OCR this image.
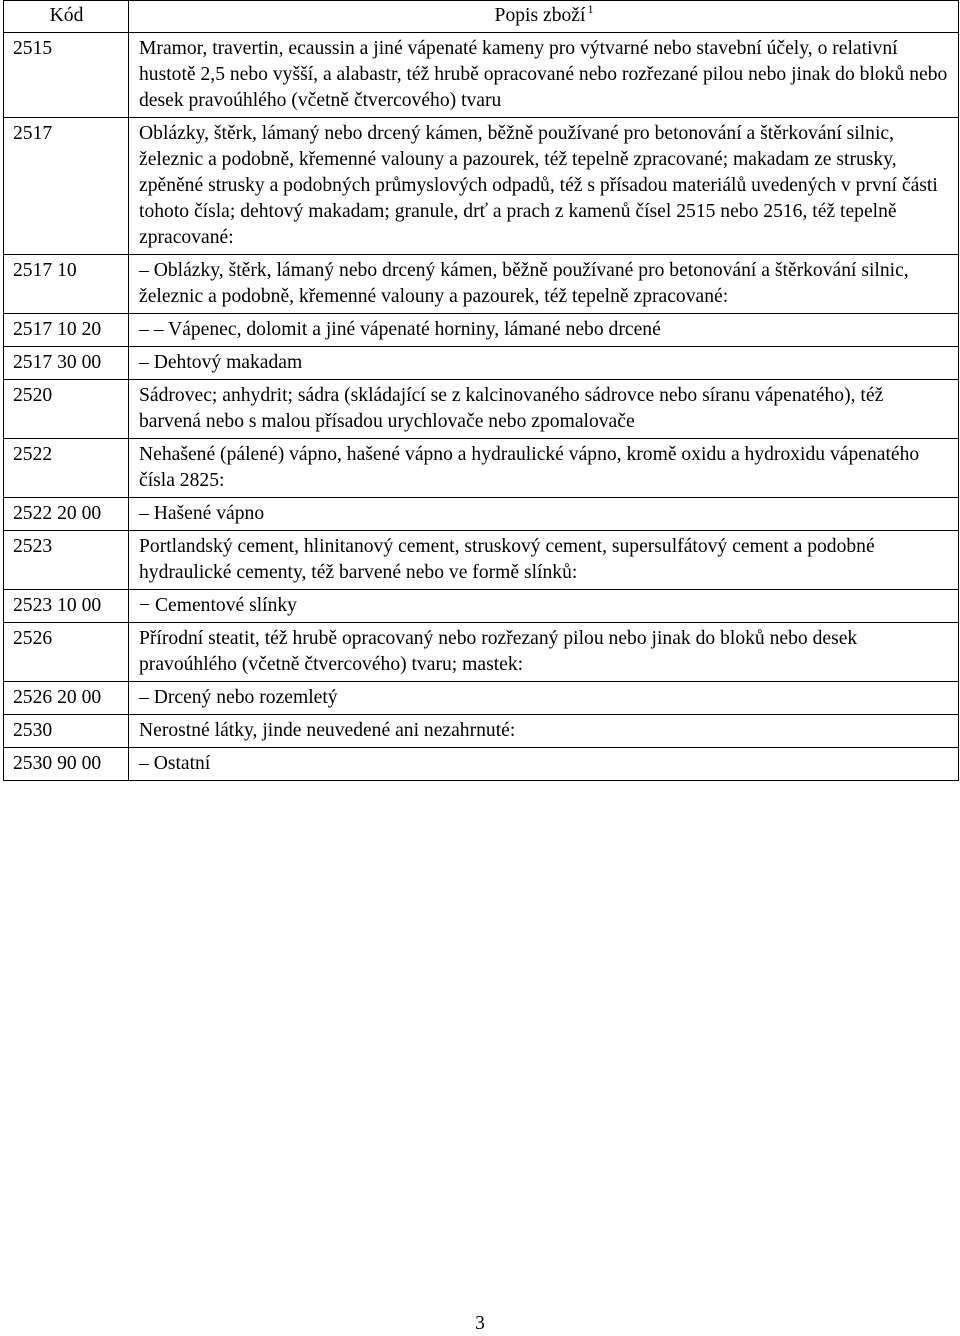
Kód	Popis zboží $^1$
2515	Mramor, travertin, ecaussin a jiné vápenaté kameny pro výtvarné nebo stavební účely, o relativní hustotě 2,5 nebo vyšší, a alabastr, též hrubě opracované nebo rozřezané pilou nebo jinak do bloků nebo desek pravoúhlého (včetně čtvercového) tvaru
2517	Oblázky, štěrk, lámaný nebo drcený kámen, běžně používané pro betonování a štěrkování silnic, železnic a podobně, křemenné valouny a pazourek, též tepelně zpracované; makadam ze strusky, zpěněné strusky a podobných průmyslových odpadů, též s přísadou materiálů uvedených v první části tohoto čísla; dehtový makadam; granule, drť a prach z kamenů čísel 2515 nebo 2516, též tepelně zpracované:
2517 10	– Oblázky, štěrk, lámaný nebo drcený kámen, běžně používané pro betonování a štěrkování silnic, železnic a podobně, křemenné valouny a pazourek, též tepelně zpracované:
2517 10 20	– – Vápenec, dolomit a jiné vápenaté horniny, lámané nebo drcené
2517 30 00	– Dehtový makadam
2520	Sádrovec; anhydrit; sádra (skládající se z kalcinovaného sádrovce nebo síranu vápenatého), též barvená nebo s malou přísadou urychlovače nebo zpomalovače
2522	Nehašené (pálené) vápno, hašené vápno a hydraulické vápno, kromě oxidu a hydroxidu vápenatého čísla 2825:
2522 20 00	– Hašené vápno
2523	Portlandský cement, hlinitanový cement, struskový cement, supersulfátový cement a podobné hydraulické cementy, též barvené nebo ve formě slínků:
2523 10 00	− Cementové slínky
2526	Přírodní steatit, též hrubě opracovaný nebo rozřezaný pilou nebo jinak do bloků nebo desek pravoúhlého (včetně čtvercového) tvaru; mastek:
2526 20 00	– Drcený nebo rozemletý
2530	Nerostné látky, jinde neuvedené ani nezahrnuté:
2530 90 00	– Ostatní
3
